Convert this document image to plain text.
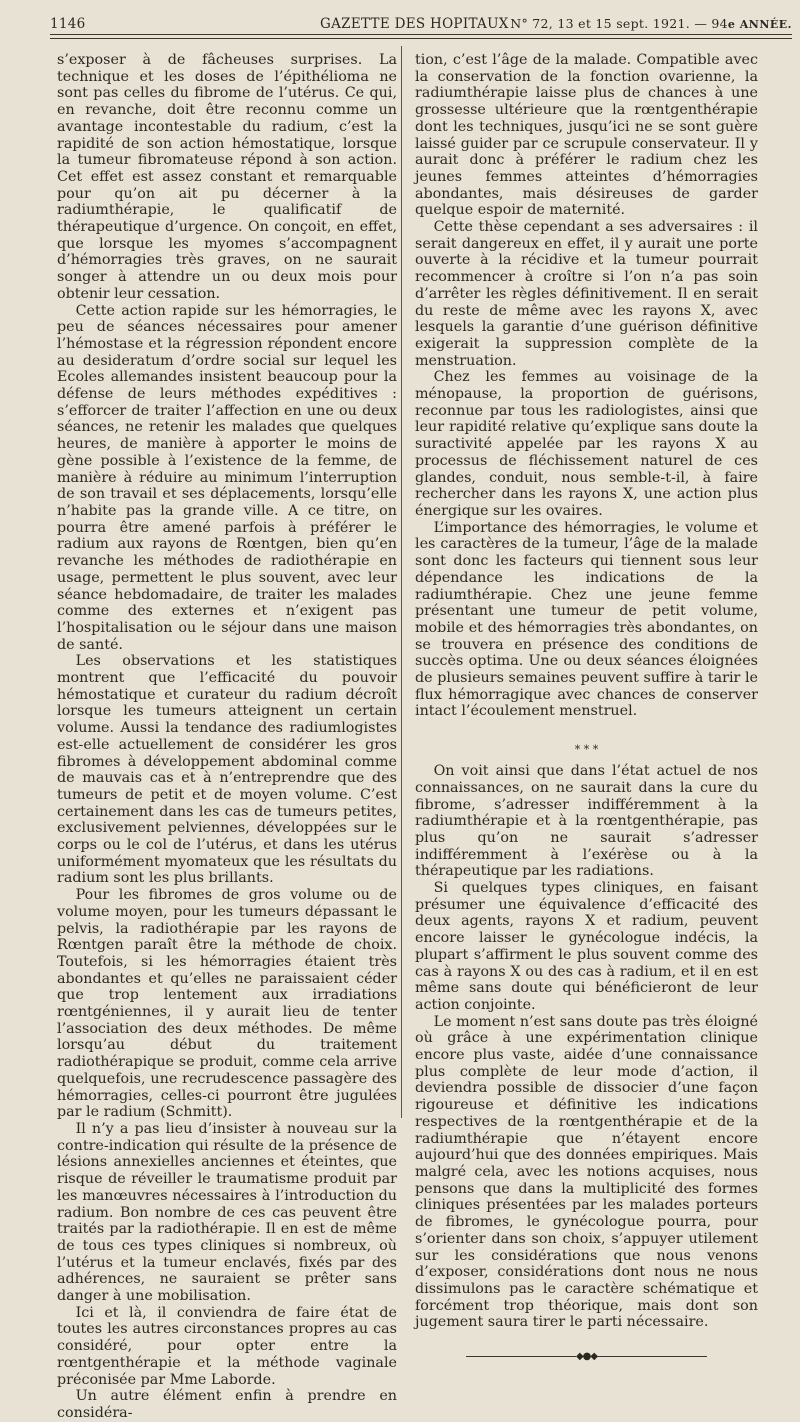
1146	GAZETTE DES HOPITAUX N° 72, 13 et 15 sept. 1921. — 94e ANNÉE.

s’exposer à de fâcheuses surprises. La technique et les doses de l’épithélioma ne sont pas celles du fibrome de l’utérus. Ce qui, en revanche, doit être reconnu comme un avantage incontestable du radium, c’est la rapidité de son action hémostatique, lorsque la tumeur fibromateuse répond à son action. Cet effet est assez constant et remarquable pour qu’on ait pu décerner à la radiumthérapie, le qualificatif de thérapeutique d’urgence. On conçoit, en effet, que lorsque les myomes s’accompagnent d’hémorragies très graves, on ne saurait songer à attendre un ou deux mois pour obtenir leur cessation.

Cette action rapide sur les hémorragies, le peu de séances nécessaires pour amener l’hémostase et la régression répondent encore au desideratum d’ordre social sur lequel les Ecoles allemandes insistent beaucoup pour la défense de leurs méthodes expéditives : s’efforcer de traiter l’affection en une ou deux séances, ne retenir les malades que quelques heures, de manière à apporter le moins de gène possible à l’existence de la femme, de manière à réduire au minimum l’interruption de son travail et ses déplacements, lorsqu’elle n’habite pas la grande ville. A ce titre, on pourra être amené parfois à préférer le radium aux rayons de Rœntgen, bien qu’en revanche les méthodes de radiothérapie en usage, permettent le plus souvent, avec leur séance hebdomadaire, de traiter les malades comme des externes et n’exigent pas l’hospitalisation ou le séjour dans une maison de santé.

Les observations et les statistiques montrent que l’efficacité du pouvoir hémostatique et curateur du radium décroît lorsque les tumeurs atteignent un certain volume. Aussi la tendance des radiumlogistes est-elle actuellement de considérer les gros fibromes à développement abdominal comme de mauvais cas et à n’entreprendre que des tumeurs de petit et de moyen volume. C’est certainement dans les cas de tumeurs petites, exclusivement pelviennes, développées sur le corps ou le col de l’utérus, et dans les utérus uniformément myomateux que les résultats du radium sont les plus brillants.

Pour les fibromes de gros volume ou de volume moyen, pour les tumeurs dépassant le pelvis, la radiothérapie par les rayons de Rœntgen paraît être la méthode de choix. Toutefois, si les hémorragies étaient très abondantes et qu’elles ne paraissaient céder que trop lentement aux irradiations rœntgéniennes, il y aurait lieu de tenter l’association des deux méthodes. De même lorsqu’au début du traitement radiothérapique se produit, comme cela arrive quelquefois, une recrudescence passagère des hémorragies, celles-ci pourront être jugulées par le radium (Schmitt).

Il n’y a pas lieu d’insister à nouveau sur la contre-indication qui résulte de la présence de lésions annexielles anciennes et éteintes, que risque de réveiller le traumatisme produit par les manœuvres nécessaires à l’introduction du radium. Bon nombre de ces cas peuvent être traités par la radiothérapie. Il en est de même de tous ces types cliniques si nombreux, où l’utérus et la tumeur enclavés, fixés par des adhérences, ne sauraient se prêter sans danger à une mobilisation.

Ici et là, il conviendra de faire état de toutes les autres circonstances propres au cas considéré, pour opter entre la rœntgenthérapie et la méthode vaginale préconisée par Mme Laborde.

Un autre élément enfin à prendre en considéra-

tion, c’est l’âge de la malade. Compatible avec la conservation de la fonction ovarienne, la radiumthérapie laisse plus de chances à une grossesse ultérieure que la rœntgenthérapie dont les techniques, jusqu’ici ne se sont guère laissé guider par ce scrupule conservateur. Il y aurait donc à préférer le radium chez les jeunes femmes atteintes d’hémorragies abondantes, mais désireuses de garder quelque espoir de maternité.

Cette thèse cependant a ses adversaires : il serait dangereux en effet, il y aurait une porte ouverte à la récidive et la tumeur pourrait recommencer à croître si l’on n’a pas soin d’arrêter les règles définitivement. Il en serait du reste de même avec les rayons X, avec lesquels la garantie d’une guérison définitive exigerait la suppression complète de la menstruation.

Chez les femmes au voisinage de la ménopause, la proportion de guérisons, reconnue par tous les radiologistes, ainsi que leur rapidité relative qu’explique sans doute la suractivité appelée par les rayons X au processus de fléchissement naturel de ces glandes, conduit, nous semble-t-il, à faire rechercher dans les rayons X, une action plus énergique sur les ovaires.

L’importance des hémorragies, le volume et les caractères de la tumeur, l’âge de la malade sont donc les facteurs qui tiennent sous leur dépendance les indications de la radiumthérapie. Chez une jeune femme présentant une tumeur de petit volume, mobile et des hémorragies très abondantes, on se trouvera en présence des conditions de succès optima. Une ou deux séances éloignées de plusieurs semaines peuvent suffire à tarir le flux hémorragique avec chances de conserver intact l’écoulement menstruel.

* * *

On voit ainsi que dans l’état actuel de nos connaissances, on ne saurait dans la cure du fibrome, s’adresser indifféremment à la radiumthérapie et à la rœntgenthérapie, pas plus qu’on ne saurait s’adresser indifféremment à l’exérèse ou à la thérapeutique par les radiations.

Si quelques types cliniques, en faisant présumer une équivalence d’efficacité des deux agents, rayons X et radium, peuvent encore laisser le gynécologue indécis, la plupart s’affirment le plus souvent comme des cas à rayons X ou des cas à radium, et il en est même sans doute qui bénéficieront de leur action conjointe.

Le moment n’est sans doute pas très éloigné où grâce à une expérimentation clinique encore plus vaste, aidée d’une connaissance plus complète de leur mode d’action, il deviendra possible de dissocier d’une façon rigoureuse et définitive les indications respectives de la rœntgenthérapie et de la radiumthérapie que n’étayent encore aujourd’hui que des données empiriques. Mais malgré cela, avec les notions acquises, nous pensons que dans la multiplicité des formes cliniques présentées par les malades porteurs de fibromes, le gynécologue pourra, pour s’orienter dans son choix, s’appuyer utilement sur les considérations que nous venons d’exposer, considérations dont nous ne nous dissimulons pas le caractère schématique et forcément trop théorique, mais dont son jugement saura tirer le parti nécessaire.

◆●◆
